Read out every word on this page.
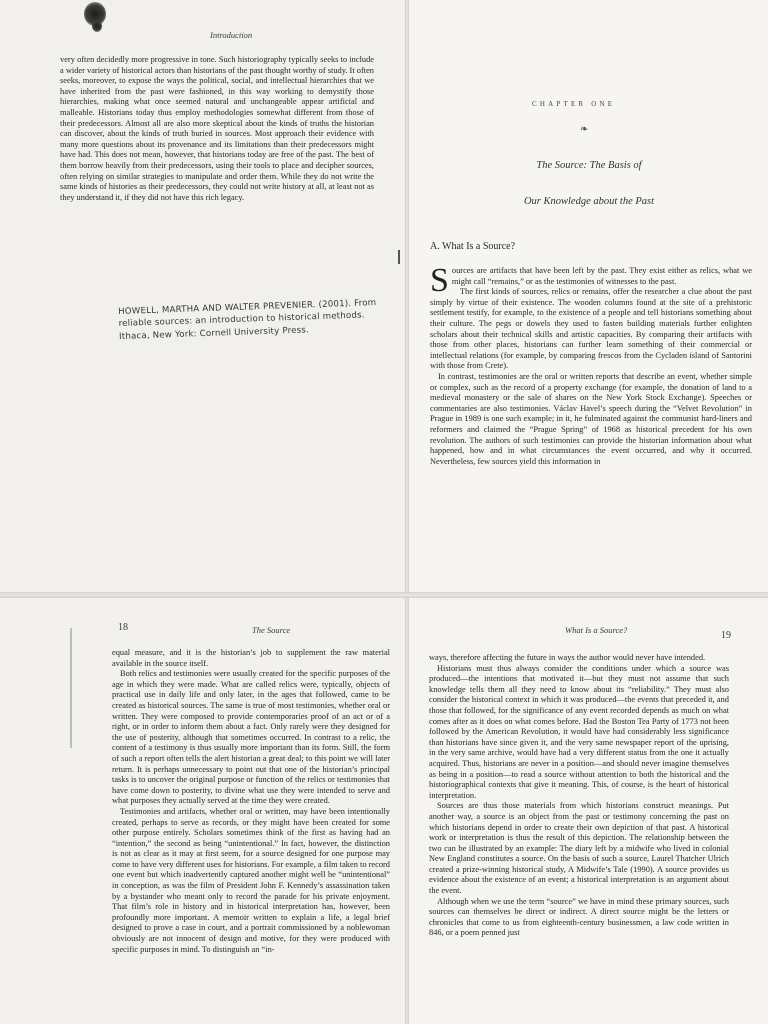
Introduction

very often decidedly more progressive in tone. Such historiography typically seeks to include a wider variety of historical actors than historians of the past thought worthy of study. It often seeks, moreover, to expose the ways the political, social, and intellectual hierarchies that we have inherited from the past were fashioned, in this way working to demystify those hierarchies, making what once seemed natural and unchangeable appear artificial and malleable. Historians today thus employ methodologies somewhat different from those of their predecessors. Almost all are also more skeptical about the kinds of truths the historian can discover, about the kinds of truth buried in sources. Most approach their evidence with many more questions about its provenance and its limitations than their predecessors might have had. This does not mean, however, that historians today are free of the past. The best of them borrow heavily from their predecessors, using their tools to place and decipher sources, often relying on similar strategies to manipulate and order them. While they do not write the same kinds of histories as their predecessors, they could not write history at all, at least not as they understand it, if they did not have this rich legacy.

HOWELL, MARTHA AND WALTER PREVENIER. (2001). From reliable sources: an introduction to historical methods. Ithaca, New York: Cornell University Press.
CHAPTER ONE
❧
The Source: The Basis of
Our Knowledge about the Past
A. What Is a Source?

Sources are artifacts that have been left by the past. They exist either as relics, what we might call “remains,” or as the testimonies of witnesses to the past.

The first kinds of sources, relics or remains, offer the researcher a clue about the past simply by virtue of their existence. The wooden columns found at the site of a prehistoric settlement testify, for example, to the existence of a people and tell historians something about their culture. The pegs or dowels they used to fasten building materials further enlighten scholars about their technical skills and artistic capacities. By comparing their artifacts with those from other places, historians can further learn something of their commercial or intellectual relations (for example, by comparing frescos from the Cycladen island of Santorini with those from Crete).

In contrast, testimonies are the oral or written reports that describe an event, whether simple or complex, such as the record of a property exchange (for example, the donation of land to a medieval monastery or the sale of shares on the New York Stock Exchange). Speeches or commentaries are also testimonies. Václav Havel’s speech during the “Velvet Revolution” in Prague in 1989 is one such example; in it, he fulminated against the communist hard-liners and reformers and claimed the “Prague Spring” of 1968 as historical precedent for his own revolution. The authors of such testimonies can provide the historian information about what happened, how and in what circumstances the event occurred, and why it occurred. Nevertheless, few sources yield this information in

18	The Source

equal measure, and it is the historian’s job to supplement the raw material available in the source itself.

Both relics and testimonies were usually created for the specific purposes of the age in which they were made. What are called relics were, typically, objects of practical use in daily life and only later, in the ages that followed, came to be created as historical sources. The same is true of most testimonies, whether oral or written. They were composed to provide contemporaries proof of an act or of a right, or in order to inform them about a fact. Only rarely were they designed for the use of posterity, although that sometimes occurred. In contrast to a relic, the content of a testimony is thus usually more important than its form. Still, the form of such a report often tells the alert historian a great deal; to this point we will later return. It is perhaps unnecessary to point out that one of the historian’s principal tasks is to uncover the original purpose or function of the relics or testimonies that have come down to posterity, to divine what use they were intended to serve and what purposes they actually served at the time they were created.

Testimonies and artifacts, whether oral or written, may have been intentionally created, perhaps to serve as records, or they might have been created for some other purpose entirely. Scholars sometimes think of the first as having had an “intention,” the second as being “unintentional.” In fact, however, the distinction is not as clear as it may at first seem, for a source designed for one purpose may come to have very different uses for historians. For example, a film taken to record one event but which inadvertently captured another might well be “unintentional” in conception, as was the film of President John F. Kennedy’s assassination taken by a bystander who meant only to record the parade for his private enjoyment. That film’s role in history and in historical interpretation has, however, been profoundly more important. A memoir written to explain a life, a legal brief designed to prove a case in court, and a portrait commissioned by a noblewoman obviously are not innocent of design and motive, for they were produced with specific purposes in mind. To distinguish an “in-

What Is a Source?	19

ways, therefore affecting the future in ways the author would never have intended.

Historians must thus always consider the conditions under which a source was produced—the intentions that motivated it—but they must not assume that such knowledge tells them all they need to know about its “reliability.” They must also consider the historical context in which it was produced—the events that preceded it, and those that followed, for the significance of any event recorded depends as much on what comes after as it does on what comes before. Had the Boston Tea Party of 1773 not been followed by the American Revolution, it would have had considerably less significance than historians have since given it, and the very same newspaper report of the uprising, in the very same archive, would have had a very different status from the one it actually acquired. Thus, historians are never in a position—and should never imagine themselves as being in a position—to read a source without attention to both the historical and the historiographical contexts that give it meaning. This, of course, is the heart of historical interpretation.

Sources are thus those materials from which historians construct meanings. Put another way, a source is an object from the past or testimony concerning the past on which historians depend in order to create their own depiction of that past. A historical work or interpretation is thus the result of this depiction. The relationship between the two can be illustrated by an example: The diary left by a midwife who lived in colonial New England constitutes a source. On the basis of such a source, Laurel Thatcher Ulrich created a prize-winning historical study, A Midwife’s Tale (1990). A source provides us evidence about the existence of an event; a historical interpretation is an argument about the event.

Although when we use the term “source” we have in mind these primary sources, such sources can themselves be direct or indirect. A direct source might be the letters or chronicles that come to us from eighteenth-century businessmen, a law code written in 846, or a poem penned just
